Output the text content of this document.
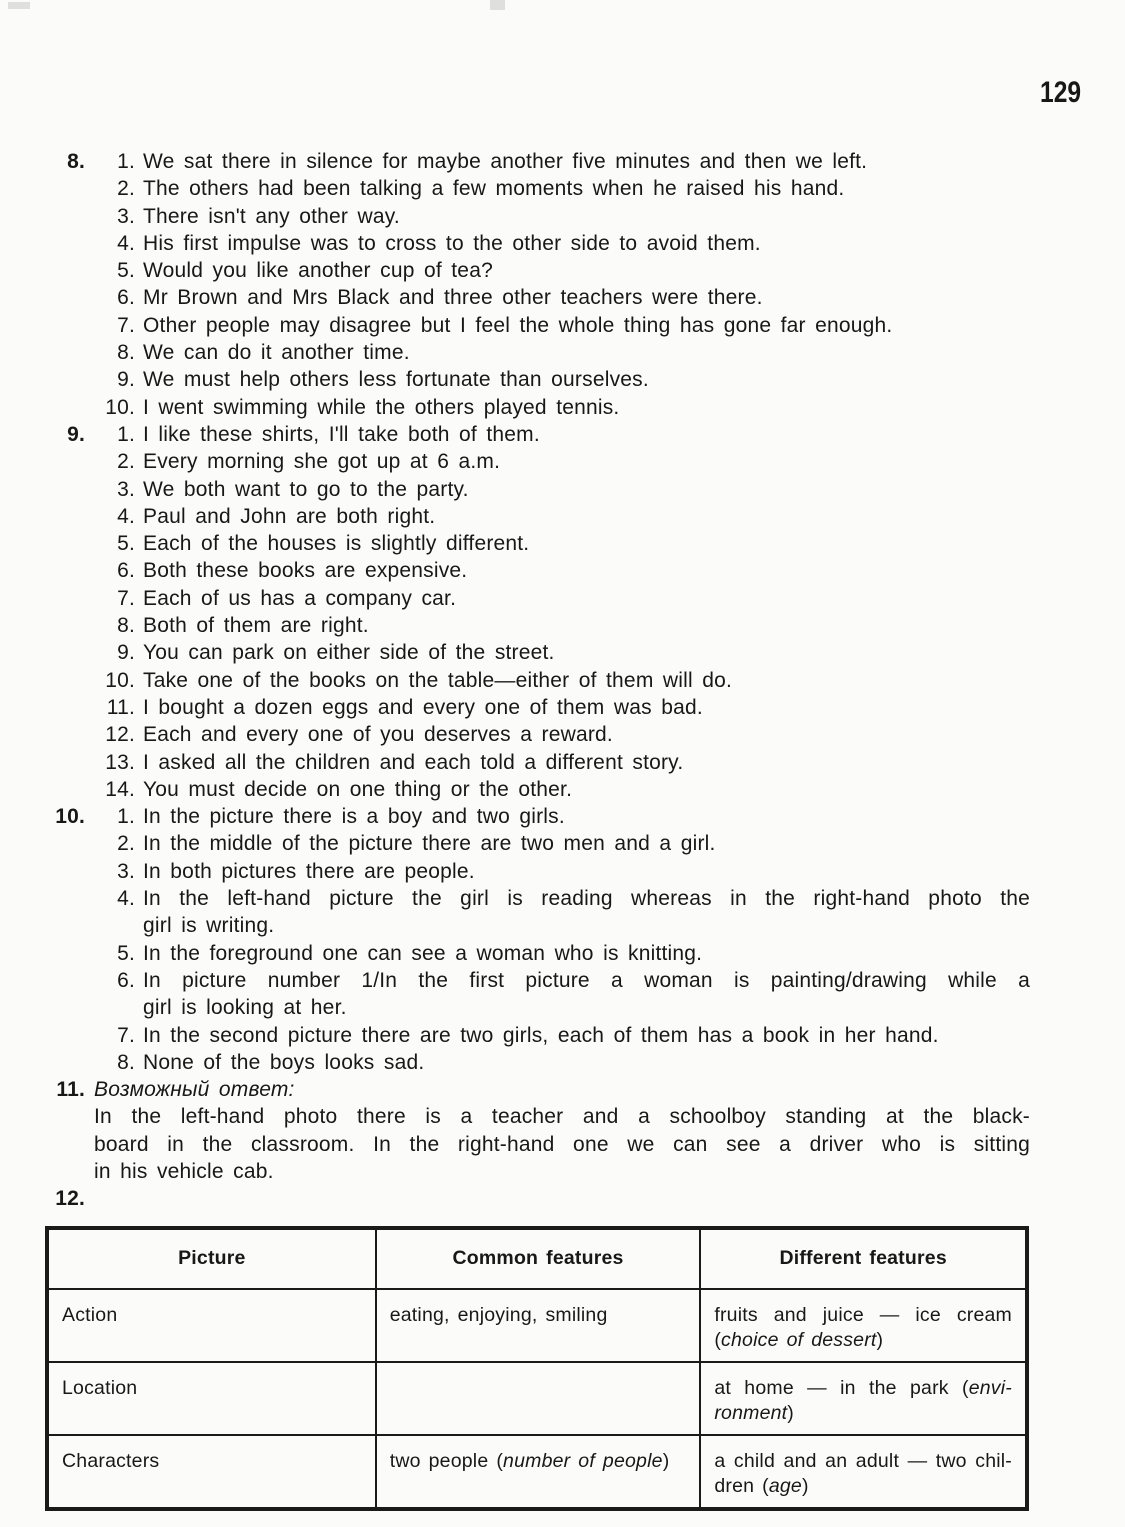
129
8.	1. We sat there in silence for maybe another five minutes and then we left.
2. The others had been talking a few moments when he raised his hand.
3. There isn't any other way.
4. His first impulse was to cross to the other side to avoid them.
5. Would you like another cup of tea?
6. Mr Brown and Mrs Black and three other teachers were there.
7. Other people may disagree but I feel the whole thing has gone far enough.
8. We can do it another time.
9. We must help others less fortunate than ourselves.
10. I went swimming while the others played tennis.
9.	1. I like these shirts, I'll take both of them.
2. Every morning she got up at 6 a.m.
3. We both want to go to the party.
4. Paul and John are both right.
5. Each of the houses is slightly different.
6. Both these books are expensive.
7. Each of us has a company car.
8. Both of them are right.
9. You can park on either side of the street.
10. Take one of the books on the table—either of them will do.
11. I bought a dozen eggs and every one of them was bad.
12. Each and every one of you deserves a reward.
13. I asked all the children and each told a different story.
14. You must decide on one thing or the other.
10.	1. In the picture there is a boy and two girls.
2. In the middle of the picture there are two men and a girl.
3. In both pictures there are people.
4. In the left-hand picture the girl is reading whereas in the right-hand photo the
girl is writing.
5. In the foreground one can see a woman who is knitting.
6. In picture number 1/In the first picture a woman is painting/drawing while a
girl is looking at her.
7. In the second picture there are two girls, each of them has a book in her hand.
8. None of the boys looks sad.
11. Возможный ответ:
In the left-hand photo there is a teacher and a schoolboy standing at the black-
board in the classroom. In the right-hand one we can see a driver who is sitting
in his vehicle cab.
12.
Picture	Common features	Different features
Action	eating, enjoying, smiling	fruits and juice — ice cream
(choice of dessert)

Location		at home — in the park (envi-
ronment)

Characters	two people (number of people)	a child and an adult — two chil-
dren (age)
